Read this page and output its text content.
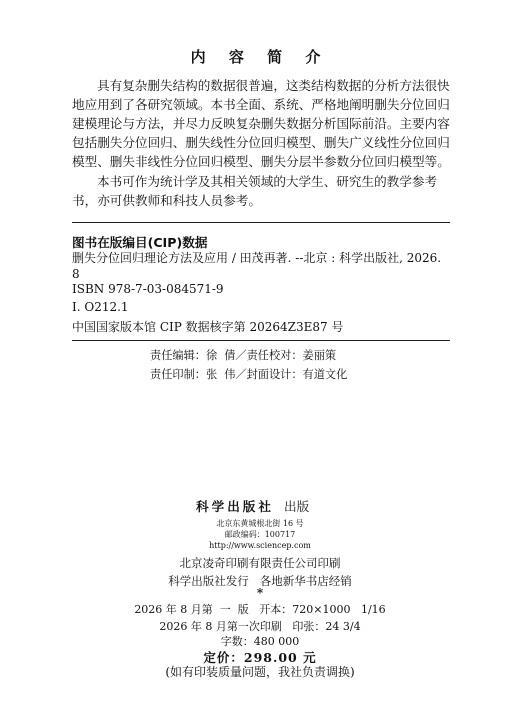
内 容 简 介

具有复杂删失结构的数据很普遍，这类结构数据的分析方法很快地应用到了各研究领域。本书全面、系统、严格地阐明删失分位回归建模理论与方法，并尽力反映复杂删失数据分析国际前沿。主要内容包括删失分位回归、删失线性分位回归模型、删失广义线性分位回归模型、删失非线性分位回归模型、删失分层半参数分位回归模型等。

本书可作为统计学及其相关领域的大学生、研究生的教学参考书，亦可供教师和科技人员参考。

图书在版编目(CIP)数据

删失分位回归理论方法及应用 / 田茂再著. --北京 : 科学出版社, 2026. 8

ISBN 978-7-03-084571-9

Ⅰ. O212.1

中国国家版本馆 CIP 数据核字第 20264Z3E87 号

责任编辑：徐  倩／责任校对：姜丽策
责任印制：张  伟／封面设计：有道文化
科学出版社 出版
北京东黄城根北街 16 号
邮政编码：100717
http://www.sciencep.com
北京凌奇印刷有限责任公司印刷
科学出版社发行   各地新华书店经销
*
2026 年 8 月第  一  版   开本：720×1000   1/16
2026 年 8 月第一次印刷   印张：24 3/4
字数：480 000
定价：298.00 元
(如有印装质量问题，我社负责调换)
